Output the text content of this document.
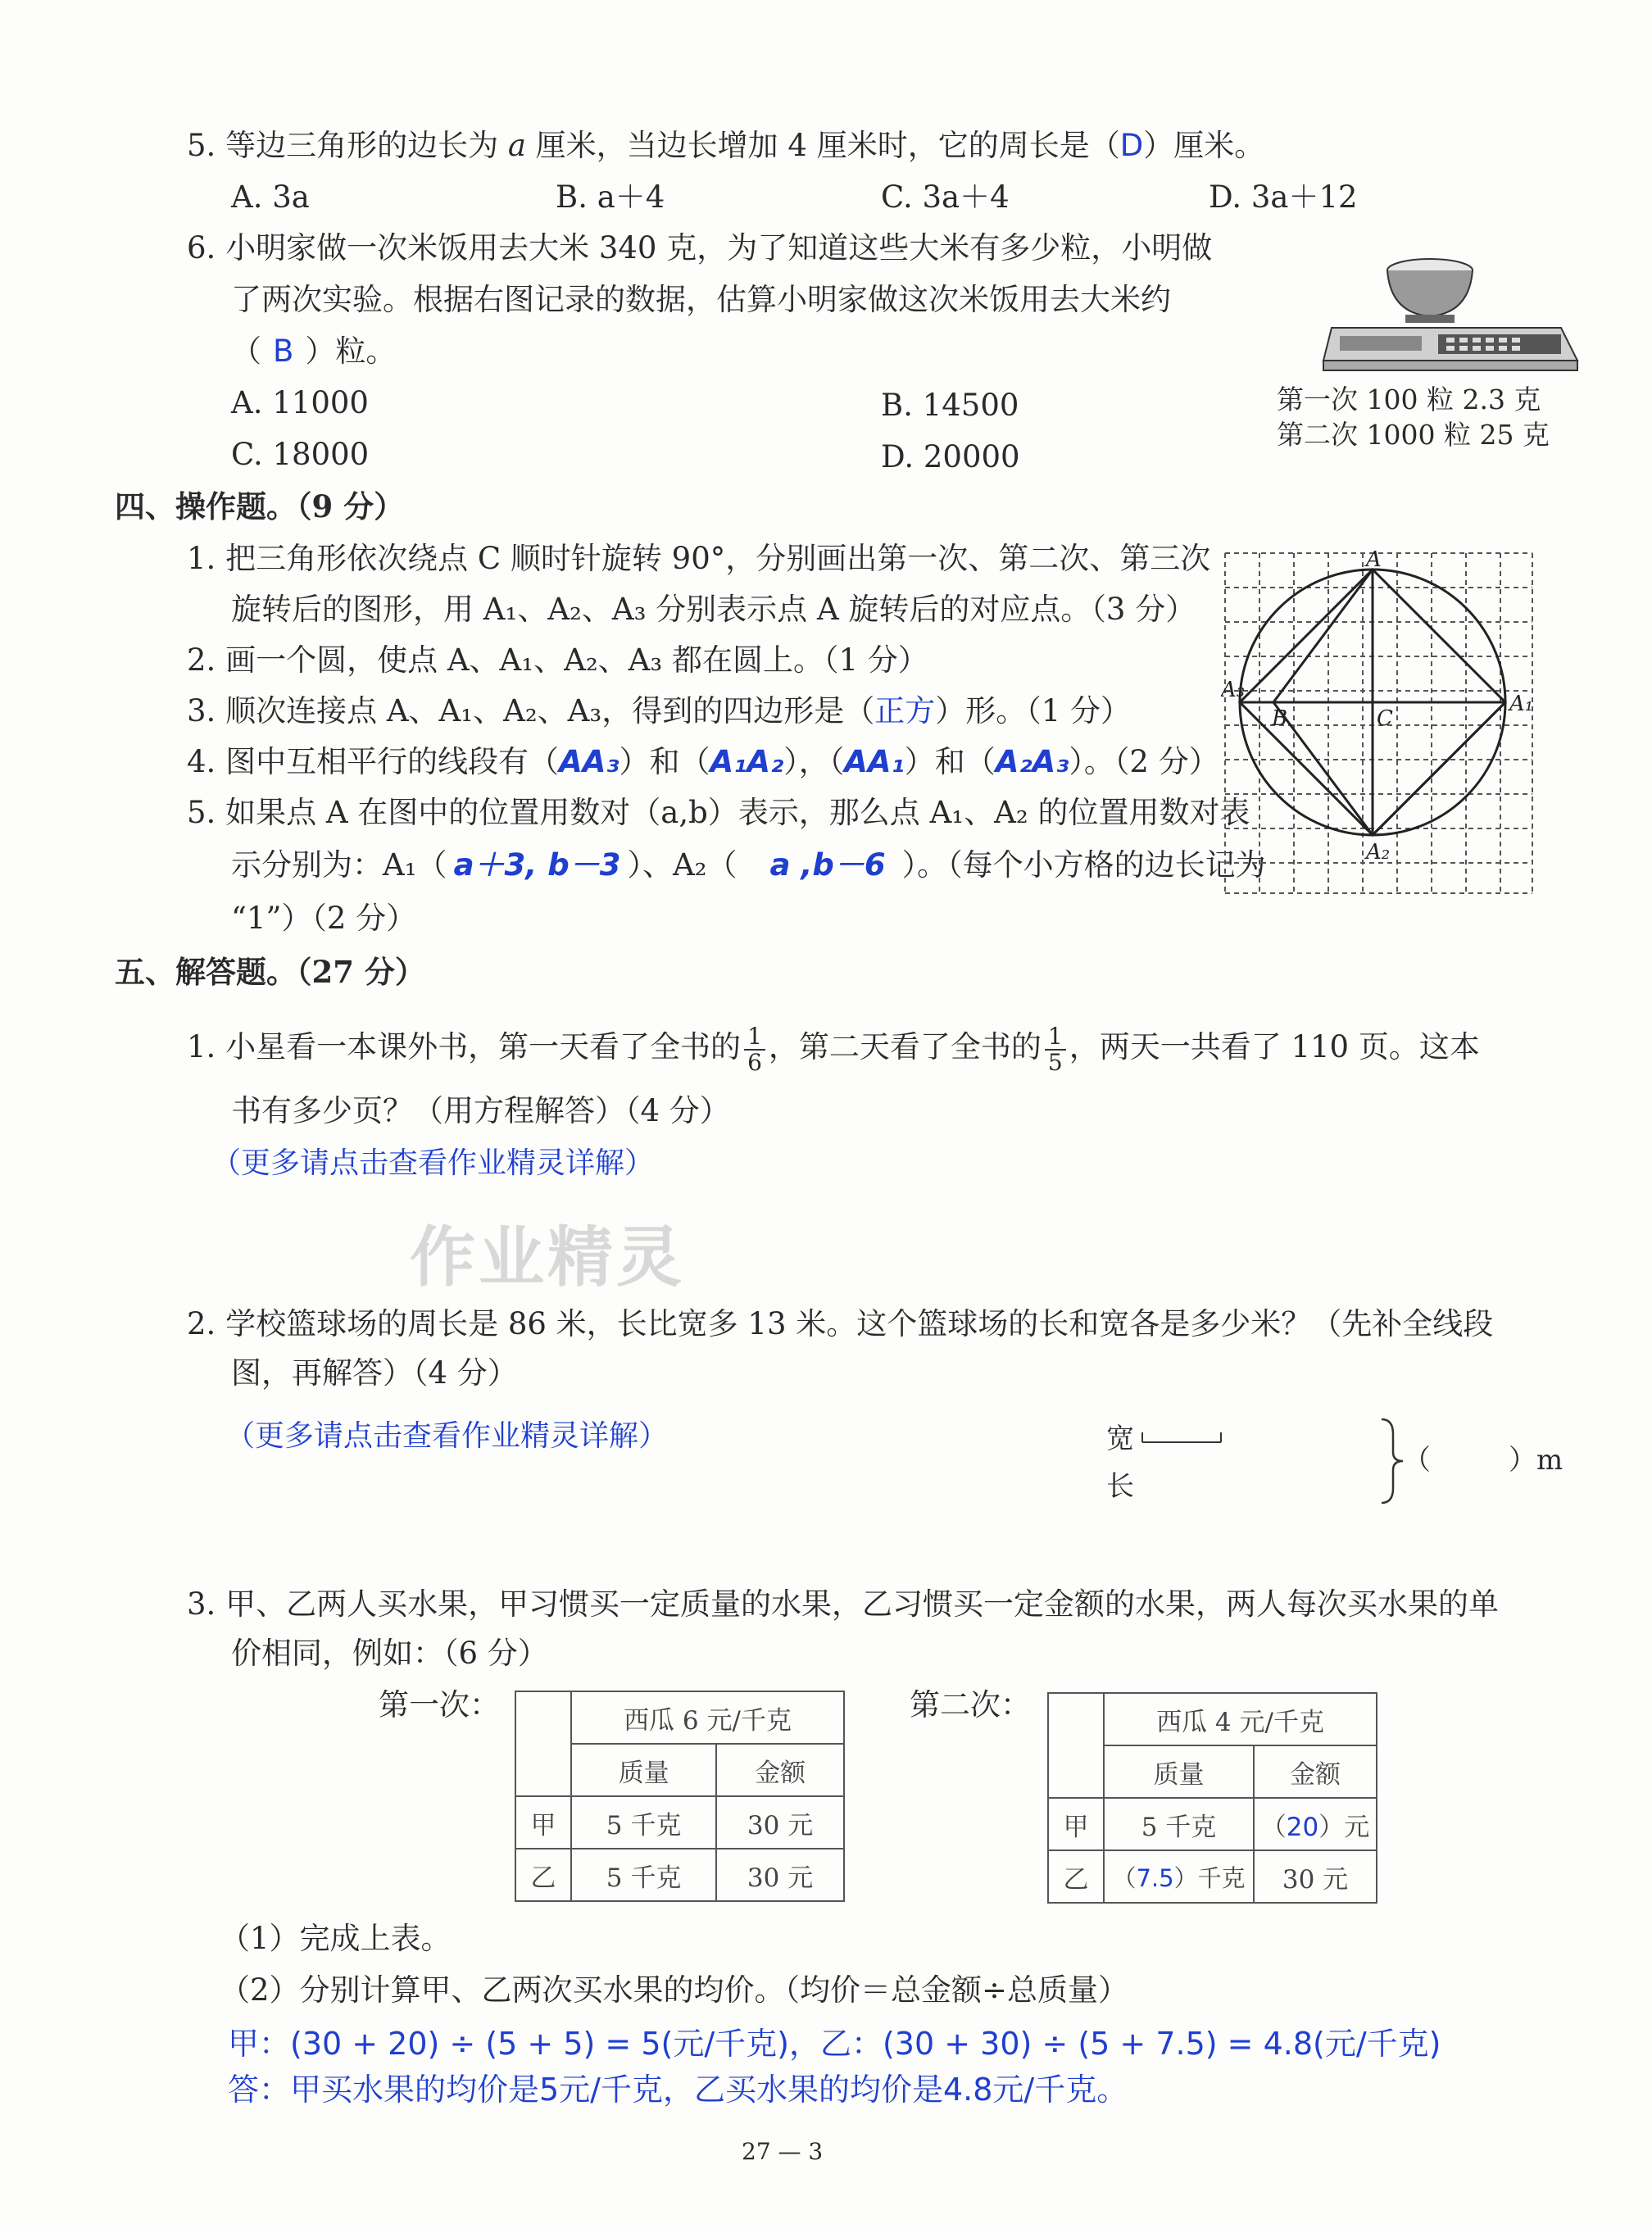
5. 等边三角形的边长为 a 厘米，当边长增加 4 厘米时，它的周长是（D）厘米。
A. 3a	B. a＋4	C. 3a＋4	D. 3a＋12
6. 小明家做一次米饭用去大米 340 克，为了知道这些大米有多少粒，小明做
了两次实验。根据右图记录的数据，估算小明家做这次米饭用去大米约
（ B ）粒。
A. 11000	B. 14500
C. 18000	D. 20000
第一次 100 粒 2.3 克
第二次 1000 粒 25 克
四、操作题。（9 分）
1. 把三角形依次绕点 C 顺时针旋转 90°，分别画出第一次、第二次、第三次
旋转后的图形，用 A₁、A₂、A₃ 分别表示点 A 旋转后的对应点。（3 分）
2. 画一个圆，使点 A、A₁、A₂、A₃ 都在圆上。（1 分）
3. 顺次连接点 A、A₁、A₂、A₃，得到的四边形是（正方）形。（1 分）
4. 图中互相平行的线段有（AA₃）和（A₁A₂），（AA₁）和（A₂A₃）。（2 分）
5. 如果点 A 在图中的位置用数对（a,b）表示，那么点 A₁、A₂ 的位置用数对表
示分别为：A₁（ a＋3, b－3 ）、A₂（ a ,b－6 ）。（每个小方格的边长记为
“1”）（2 分）
A
A₁
A₂
A₃
B	C
五、解答题。（27 分）
1. 小星看一本课外书，第一天看了全书的 $\frac{1}{6}$ ，第二天看了全书的 $\frac{1}{5}$ ，两天一共看了 110 页。这本
书有多少页？（用方程解答）（4 分）
（更多请点击查看作业精灵详解）
作业精灵
2. 学校篮球场的周长是 86 米，长比宽多 13 米。这个篮球场的长和宽各是多少米？（先补全线段
图，再解答）（4 分）
（更多请点击查看作业精灵详解）	宽
长
（	）m
3. 甲、乙两人买水果，甲习惯买一定质量的水果，乙习惯买一定金额的水果，两人每次买水果的单
价相同，例如：（6 分）
第一次：
		西瓜 6 元/千克	
	质量	金额
甲	5 千克	30 元
乙	5 千克	30 元
第二次：
		西瓜 4 元/千克	
	质量	金额
甲	5 千克	（20）元
乙	（7.5）千克	30 元
（1）完成上表。
（2）分别计算甲、乙两次买水果的均价。（均价＝总金额÷总质量）
甲：(30 + 20) ÷ (5 + 5) = 5(元/千克)，乙：(30 + 30) ÷ (5 + 7.5) = 4.8(元/千克)
答：甲买水果的均价是5元/千克，乙买水果的均价是4.8元/千克。
27 — 3
